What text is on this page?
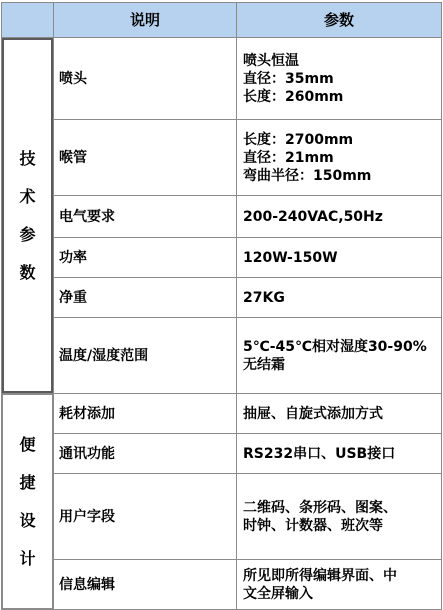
	说明	参数

技
术
参
数	喷头	喷头恒温
直径：35mm
长度：260mm
	喉管	长度：2700mm
直径：21mm
弯曲半径：150mm
	电气要求	200-240VAC,50Hz
	功率	120W-150W
	净重	27KG
	温度/湿度范围	5℃-45℃相对湿度30-90%
无结霜

便
捷
设
计	耗材添加	抽屉、自旋式添加方式
	通讯功能	RS232串口、USB接口
	用户字段	二维码、条形码、图案、
时钟、计数器、班次等
	信息编辑	所见即所得编辑界面、中
文全屏输入
